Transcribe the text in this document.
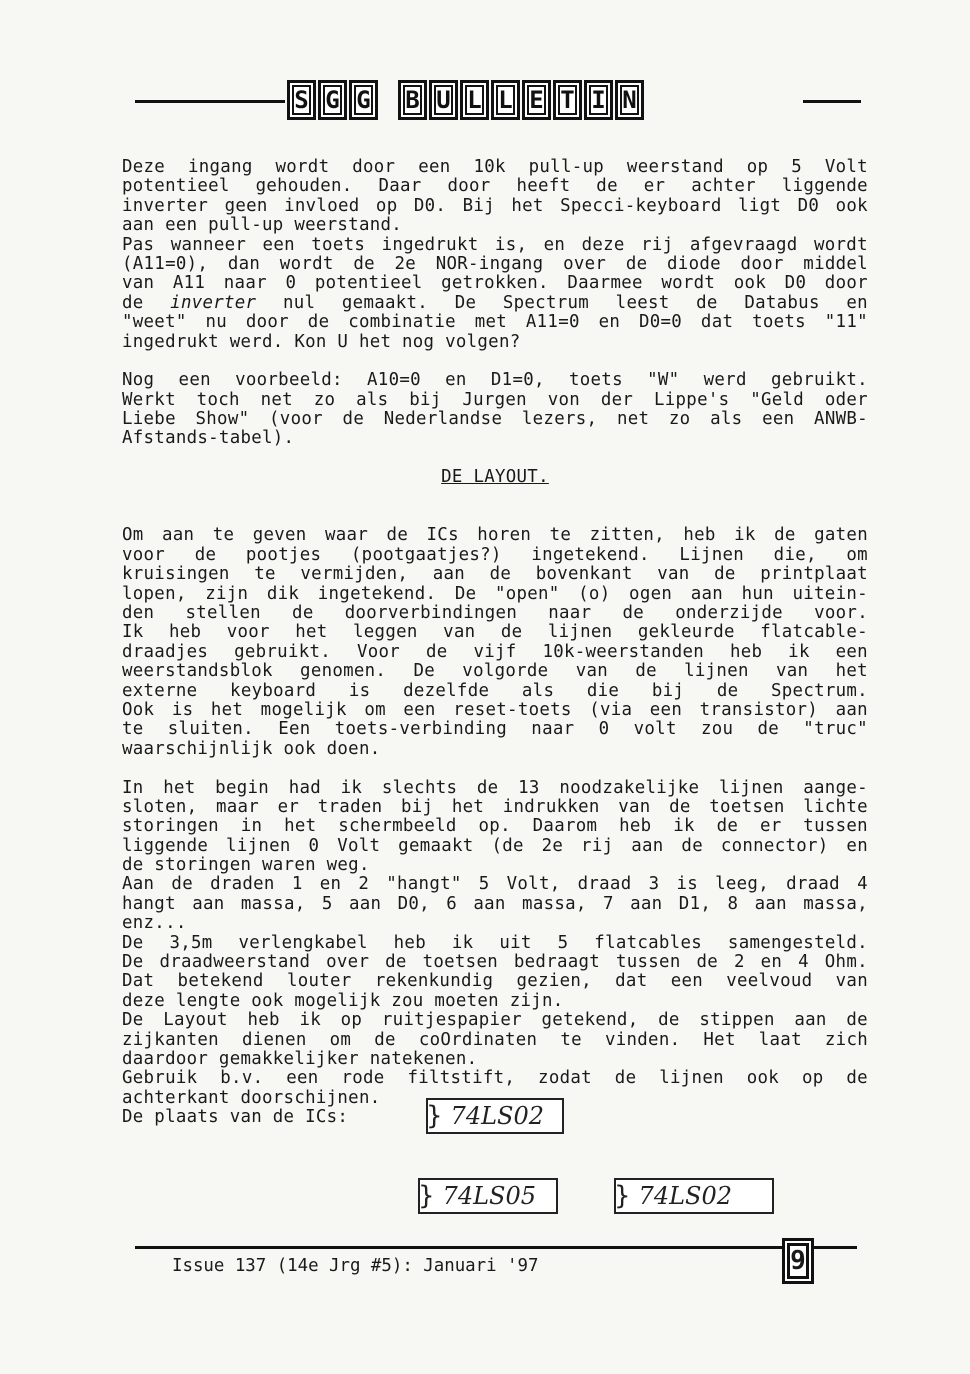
S G G	B U L L E T I N
Deze ingang wordt door een 10k pull-up weerstand op 5 Volt
potentieel gehouden. Daar door heeft de er achter liggende
inverter geen invloed op D0. Bij het Specci-keyboard ligt D0 ook
aan een pull-up weerstand.
Pas wanneer een toets ingedrukt is, en deze rij afgevraagd wordt
(A11=0), dan wordt de 2e NOR-ingang over de diode door middel
van A11 naar 0 potentieel getrokken. Daarmee wordt ook D0 door
de inverter nul gemaakt. De Spectrum leest de Databus en
"weet" nu door de combinatie met A11=0 en D0=0 dat toets "11"
ingedrukt werd. Kon U het nog volgen?
Nog een voorbeeld: A10=0 en D1=0, toets "W" werd gebruikt.
Werkt toch net zo als bij Jurgen von der Lippe's "Geld oder
Liebe Show" (voor de Nederlandse lezers, net zo als een ANWB-
Afstands-tabel).
DE LAYOUT.
Om aan te geven waar de ICs horen te zitten, heb ik de gaten
voor de pootjes (pootgaatjes?) ingetekend. Lijnen die, om
kruisingen te vermijden, aan de bovenkant van de printplaat
lopen, zijn dik ingetekend. De "open" (o) ogen aan hun uitein-
den stellen de doorverbindingen naar de onderzijde voor.
Ik heb voor het leggen van de lijnen gekleurde flatcable-
draadjes gebruikt. Voor de vijf 10k-weerstanden heb ik een
weerstandsblok genomen. De volgorde van de lijnen van het
externe keyboard is dezelfde als die bij de Spectrum.
Ook is het mogelijk om een reset-toets (via een transistor) aan
te sluiten. Een toets-verbinding naar 0 volt zou de "truc"
waarschijnlijk ook doen.
In het begin had ik slechts de 13 noodzakelijke lijnen aange-
sloten, maar er traden bij het indrukken van de toetsen lichte
storingen in het schermbeeld op. Daarom heb ik de er tussen
liggende lijnen 0 Volt gemaakt (de 2e rij aan de connector) en
de storingen waren weg.
Aan de draden 1 en 2 "hangt" 5 Volt, draad 3 is leeg, draad 4
hangt aan massa, 5 aan D0, 6 aan massa, 7 aan D1, 8 aan massa,
enz...
De 3,5m verlengkabel heb ik uit 5 flatcables samengesteld.
De draadweerstand over de toetsen bedraagt tussen de 2 en 4 Ohm.
Dat betekend louter rekenkundig gezien, dat een veelvoud van
deze lengte ook mogelijk zou moeten zijn.
De Layout heb ik op ruitjespapier getekend, de stippen aan de
zijkanten dienen om de coOrdinaten te vinden. Het laat zich
daardoor gemakkelijker natekenen.
Gebruik b.v. een rode filtstift, zodat de lijnen ook op de
achterkant doorschijnen.
De plaats van de ICs:	} 74LS02
} 74LS05	} 74LS02
Issue 137 (14e Jrg #5): Januari '97	9
